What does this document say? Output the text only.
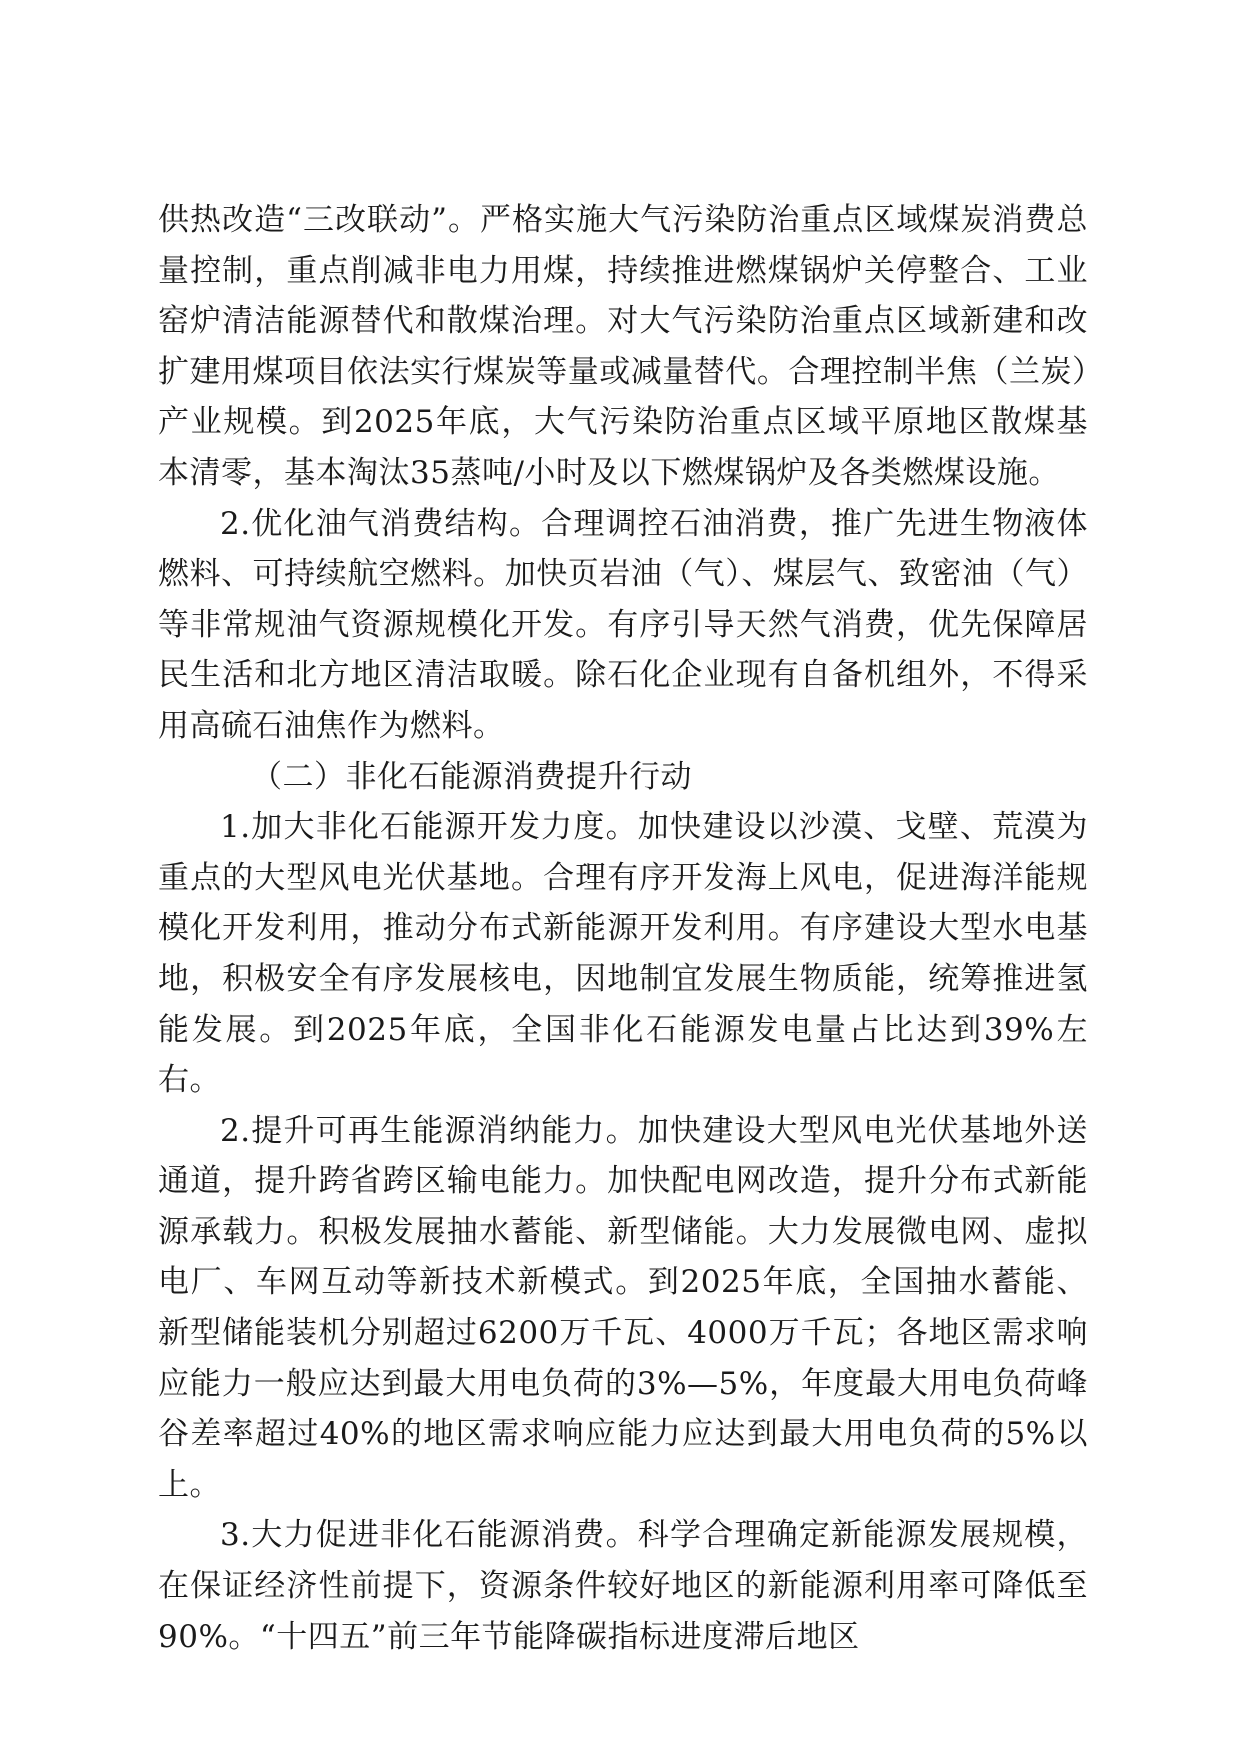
供热改造“三改联动”。严格实施大气污染防治重点区域煤炭消费总量控制，重点削减非电力用煤，持续推进燃煤锅炉关停整合、工业窑炉清洁能源替代和散煤治理。对大气污染防治重点区域新建和改扩建用煤项目依法实行煤炭等量或减量替代。合理控制半焦（兰炭）产业规模。到2025年底，大气污染防治重点区域平原地区散煤基本清零，基本淘汰35蒸吨/小时及以下燃煤锅炉及各类燃煤设施。

2.优化油气消费结构。合理调控石油消费，推广先进生物液体燃料、可持续航空燃料。加快页岩油（气）、煤层气、致密油（气）等非常规油气资源规模化开发。有序引导天然气消费，优先保障居民生活和北方地区清洁取暖。除石化企业现有自备机组外，不得采用高硫石油焦作为燃料。

（二）非化石能源消费提升行动

1.加大非化石能源开发力度。加快建设以沙漠、戈壁、荒漠为重点的大型风电光伏基地。合理有序开发海上风电，促进海洋能规模化开发利用，推动分布式新能源开发利用。有序建设大型水电基地，积极安全有序发展核电，因地制宜发展生物质能，统筹推进氢能发展。到2025年底，全国非化石能源发电量占比达到39%左右。

2.提升可再生能源消纳能力。加快建设大型风电光伏基地外送通道，提升跨省跨区输电能力。加快配电网改造，提升分布式新能源承载力。积极发展抽水蓄能、新型储能。大力发展微电网、虚拟电厂、车网互动等新技术新模式。到2025年底，全国抽水蓄能、新型储能装机分别超过6200万千瓦、4000万千瓦；各地区需求响应能力一般应达到最大用电负荷的3%—5%，年度最大用电负荷峰谷差率超过40%的地区需求响应能力应达到最大用电负荷的5%以上。

3.大力促进非化石能源消费。科学合理确定新能源发展规模，在保证经济性前提下，资源条件较好地区的新能源利用率可降低至90%。“十四五”前三年节能降碳指标进度滞后地区
